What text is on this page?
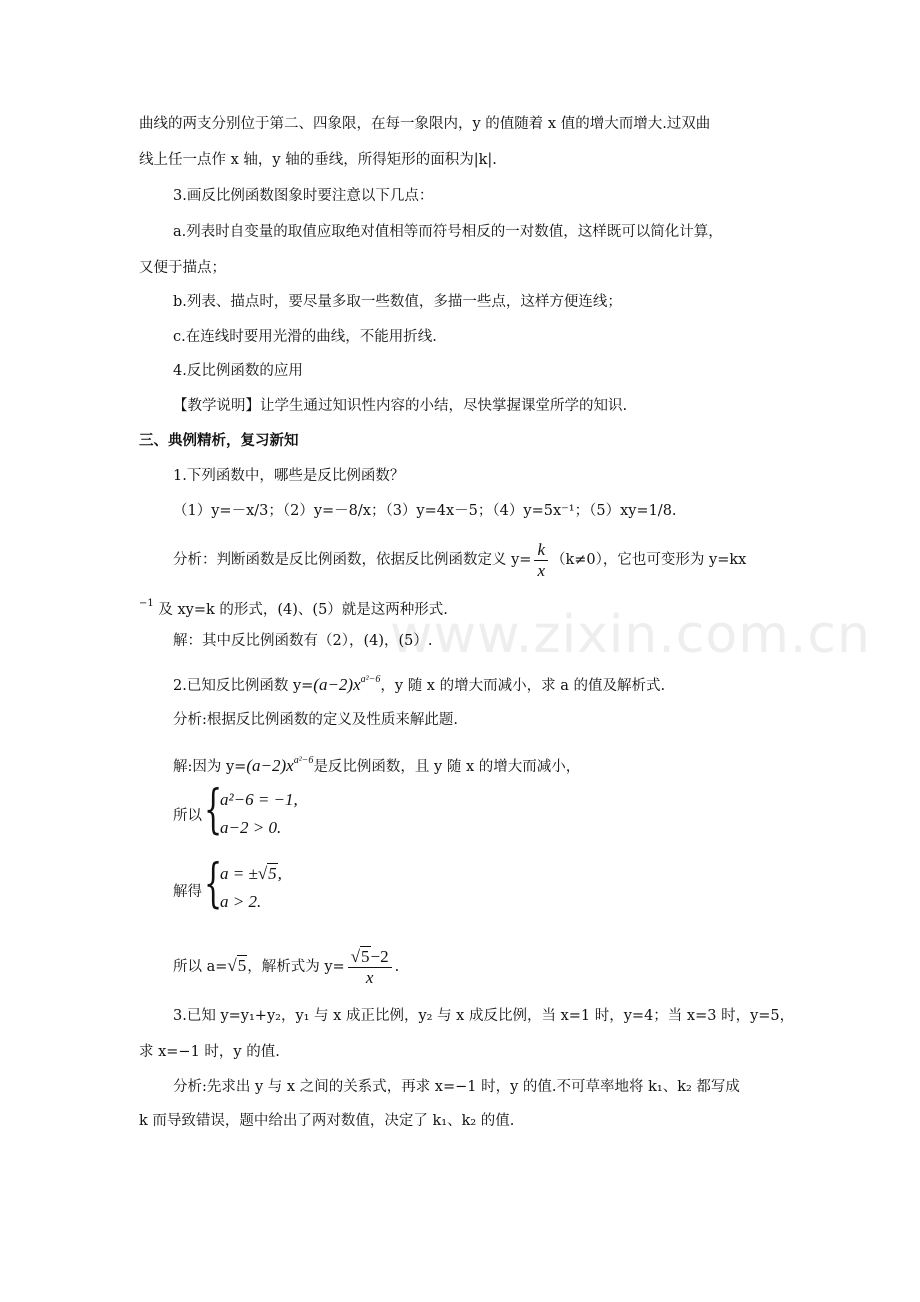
www.zixin.com.cn
曲线的两支分别位于第二、四象限，在每一象限内，y 的值随着 x 值的增大而增大.过双曲
线上任一点作 x 轴，y 轴的垂线，所得矩形的面积为|k|.
3.画反比例函数图象时要注意以下几点：
a.列表时自变量的取值应取绝对值相等而符号相反的一对数值，这样既可以简化计算，
又便于描点；
b.列表、描点时，要尽量多取一些数值，多描一些点，这样方便连线；
c.在连线时要用光滑的曲线，不能用折线.
4.反比例函数的应用
【教学说明】让学生通过知识性内容的小结，尽快掌握课堂所学的知识.
三、典例精析，复习新知
1.下列函数中，哪些是反比例函数？
（1）y=－x/3；（2）y=－8/x；（3）y=4x－5；（4）y=5x⁻¹；（5）xy=1/8.
分析：判断函数是反比例函数，依据反比例函数定义 $y= \frac{k}{x} (k\ne 0)$，它也可变形为 y=kx
$^{-1}$ 及 xy=k 的形式，(4)、(5）就是这两种形式.
解：其中反比例函数有（2），(4)，(5）.
2.已知反比例函数 $y=(a-2)x^{a^2-6}$，y 随 x 的增大而减小，求 a 的值及解析式.
分析:根据反比例函数的定义及性质来解此题.
解:因为 $y=(a-2)x^{a^2-6}$是反比例函数，且 y 随 x 的增大而减小，
所以 {
a²−6 = −1,
a−2 > 0.
解得 {
a = ±√5,
a > 2.
所以 a=√5，解析式为 $y= \frac{√5-2}{x}$ .
3.已知 y=y₁+y₂，y₁ 与 x 成正比例，y₂ 与 x 成反比例，当 x=1 时，y=4；当 x=3 时，y=5，
求 x=−1 时，y 的值.
分析:先求出 y 与 x 之间的关系式，再求 x=−1 时，y 的值.不可草率地将 k₁、k₂ 都写成
k 而导致错误，题中给出了两对数值，决定了 k₁、k₂ 的值.
